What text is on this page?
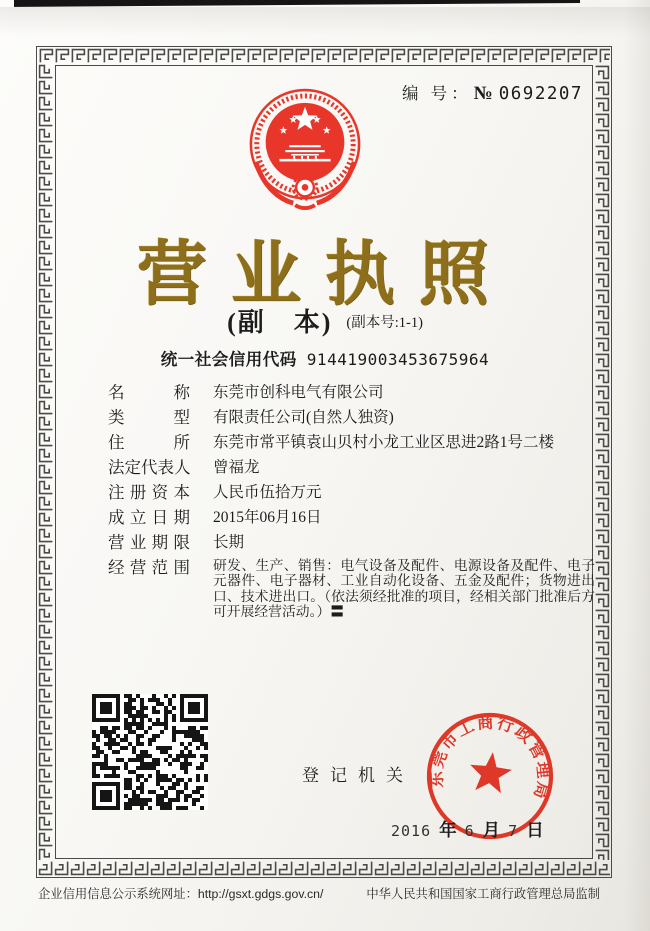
编 号： № 0692207
营业执照
(副　本) (副本号:1-1)
统一社会信用代码 914419003453675964
名	称 东莞市创科电气有限公司
类	型 有限责任公司(自然人独资)
住	所 东莞市常平镇袁山贝村小龙工业区思进2路1号二楼
法 定 代 表 人 曾福龙
注 册 资 本 人民币伍拾万元
成 立 日 期 2015年06月16日
营 业 期 限 长期
经 营 范 围 研发、生产、销售：电气设备及配件、电源设备及配件、电子元器件、电子器材、工业自动化设备、五金及配件；货物进出口、技术进出口。（依法须经批准的项目，经相关部门批准后方可开展经营活动。）〓
登记机关 东莞市工商行政管理局
2016 年 6 月 7 日
企业信用信息公示系统网址：http://gsxt.gdgs.gov.cn/	中华人民共和国国家工商行政管理总局监制
